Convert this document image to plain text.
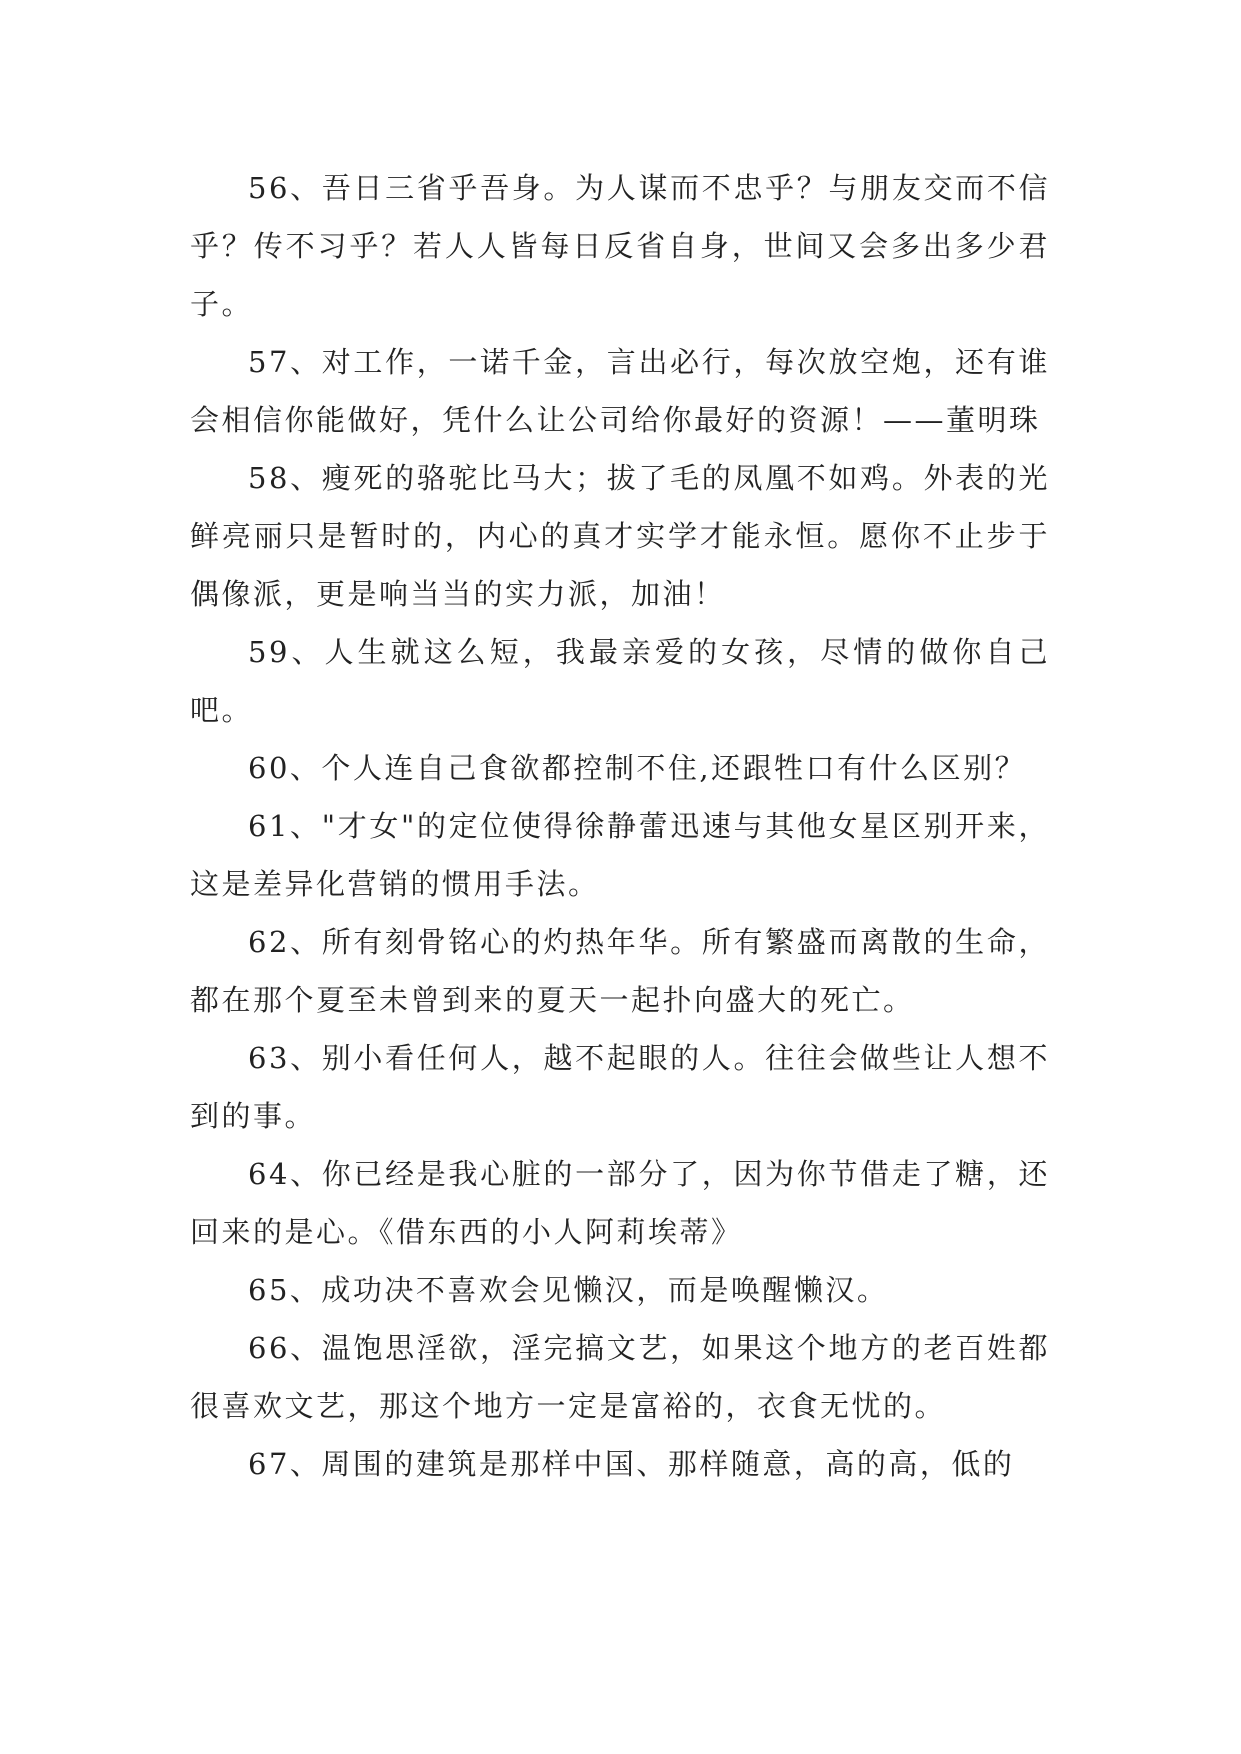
56、吾日三省乎吾身。为人谋而不忠乎？与朋友交而不信乎？传不习乎？若人人皆每日反省自身，世间又会多出多少君子。

57、对工作，一诺千金，言出必行，每次放空炮，还有谁会相信你能做好，凭什么让公司给你最好的资源！——董明珠

58、瘦死的骆驼比马大；拔了毛的凤凰不如鸡。外表的光鲜亮丽只是暂时的，内心的真才实学才能永恒。愿你不止步于偶像派，更是响当当的实力派，加油！

59、人生就这么短，我最亲爱的女孩，尽情的做你自己吧。

60、个人连自己食欲都控制不住,还跟牲口有什么区别？

61、"才女"的定位使得徐静蕾迅速与其他女星区别开来，这是差异化营销的惯用手法。

62、所有刻骨铭心的灼热年华。所有繁盛而离散的生命，都在那个夏至未曾到来的夏天一起扑向盛大的死亡。

63、别小看任何人，越不起眼的人。往往会做些让人想不到的事。

64、你已经是我心脏的一部分了，因为你节借走了糖，还回来的是心。《借东西的小人阿莉埃蒂》

65、成功决不喜欢会见懒汉，而是唤醒懒汉。

66、温饱思淫欲，淫完搞文艺，如果这个地方的老百姓都很喜欢文艺，那这个地方一定是富裕的，衣食无忧的。

67、周围的建筑是那样中国、那样随意，高的高，低的
